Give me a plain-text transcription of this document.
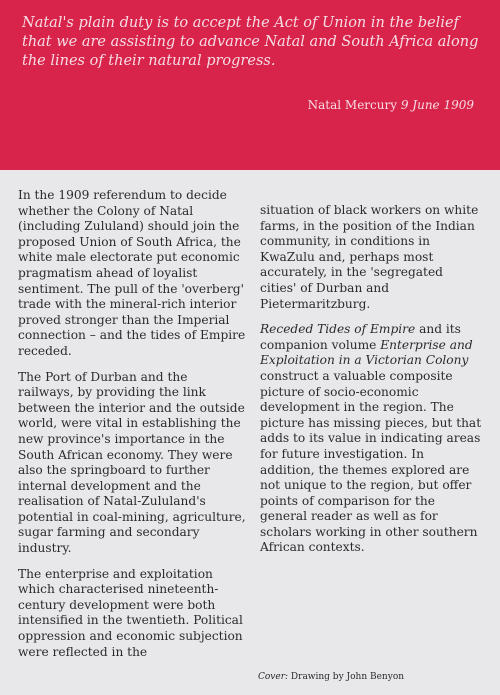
Natal's plain duty is to accept the Act of Union in the belief that we are assisting to advance Natal and South Africa along the lines of their natural progress.
Natal Mercury 9 June 1909

In the 1909 referendum to decide whether the Colony of Natal (including Zululand) should join the proposed Union of South Africa, the white male electorate put economic pragmatism ahead of loyalist sentiment. The pull of the 'overberg' trade with the mineral-rich interior proved stronger than the Imperial connection – and the tides of Empire receded.

The Port of Durban and the railways, by providing the link between the interior and the outside world, were vital in establishing the new province's importance in the South African economy. They were also the springboard to further internal development and the realisation of Natal-Zululand's potential in coal-mining, agriculture, sugar farming and secondary industry.

The enterprise and exploitation which characterised nineteenth-century development were both intensified in the twentieth. Political oppression and economic subjection were reflected in the

situation of black workers on white farms, in the position of the Indian community, in conditions in KwaZulu and, perhaps most accurately, in the 'segregated cities' of Durban and Pietermaritzburg.

Receded Tides of Empire and its companion volume Enterprise and Exploitation in a Victorian Colony construct a valuable composite picture of socio-economic development in the region. The picture has missing pieces, but that adds to its value in indicating areas for future investigation. In addition, the themes explored are not unique to the region, but offer points of comparison for the general reader as well as for scholars working in other southern African contexts.

Cover: Drawing by John Benyon
